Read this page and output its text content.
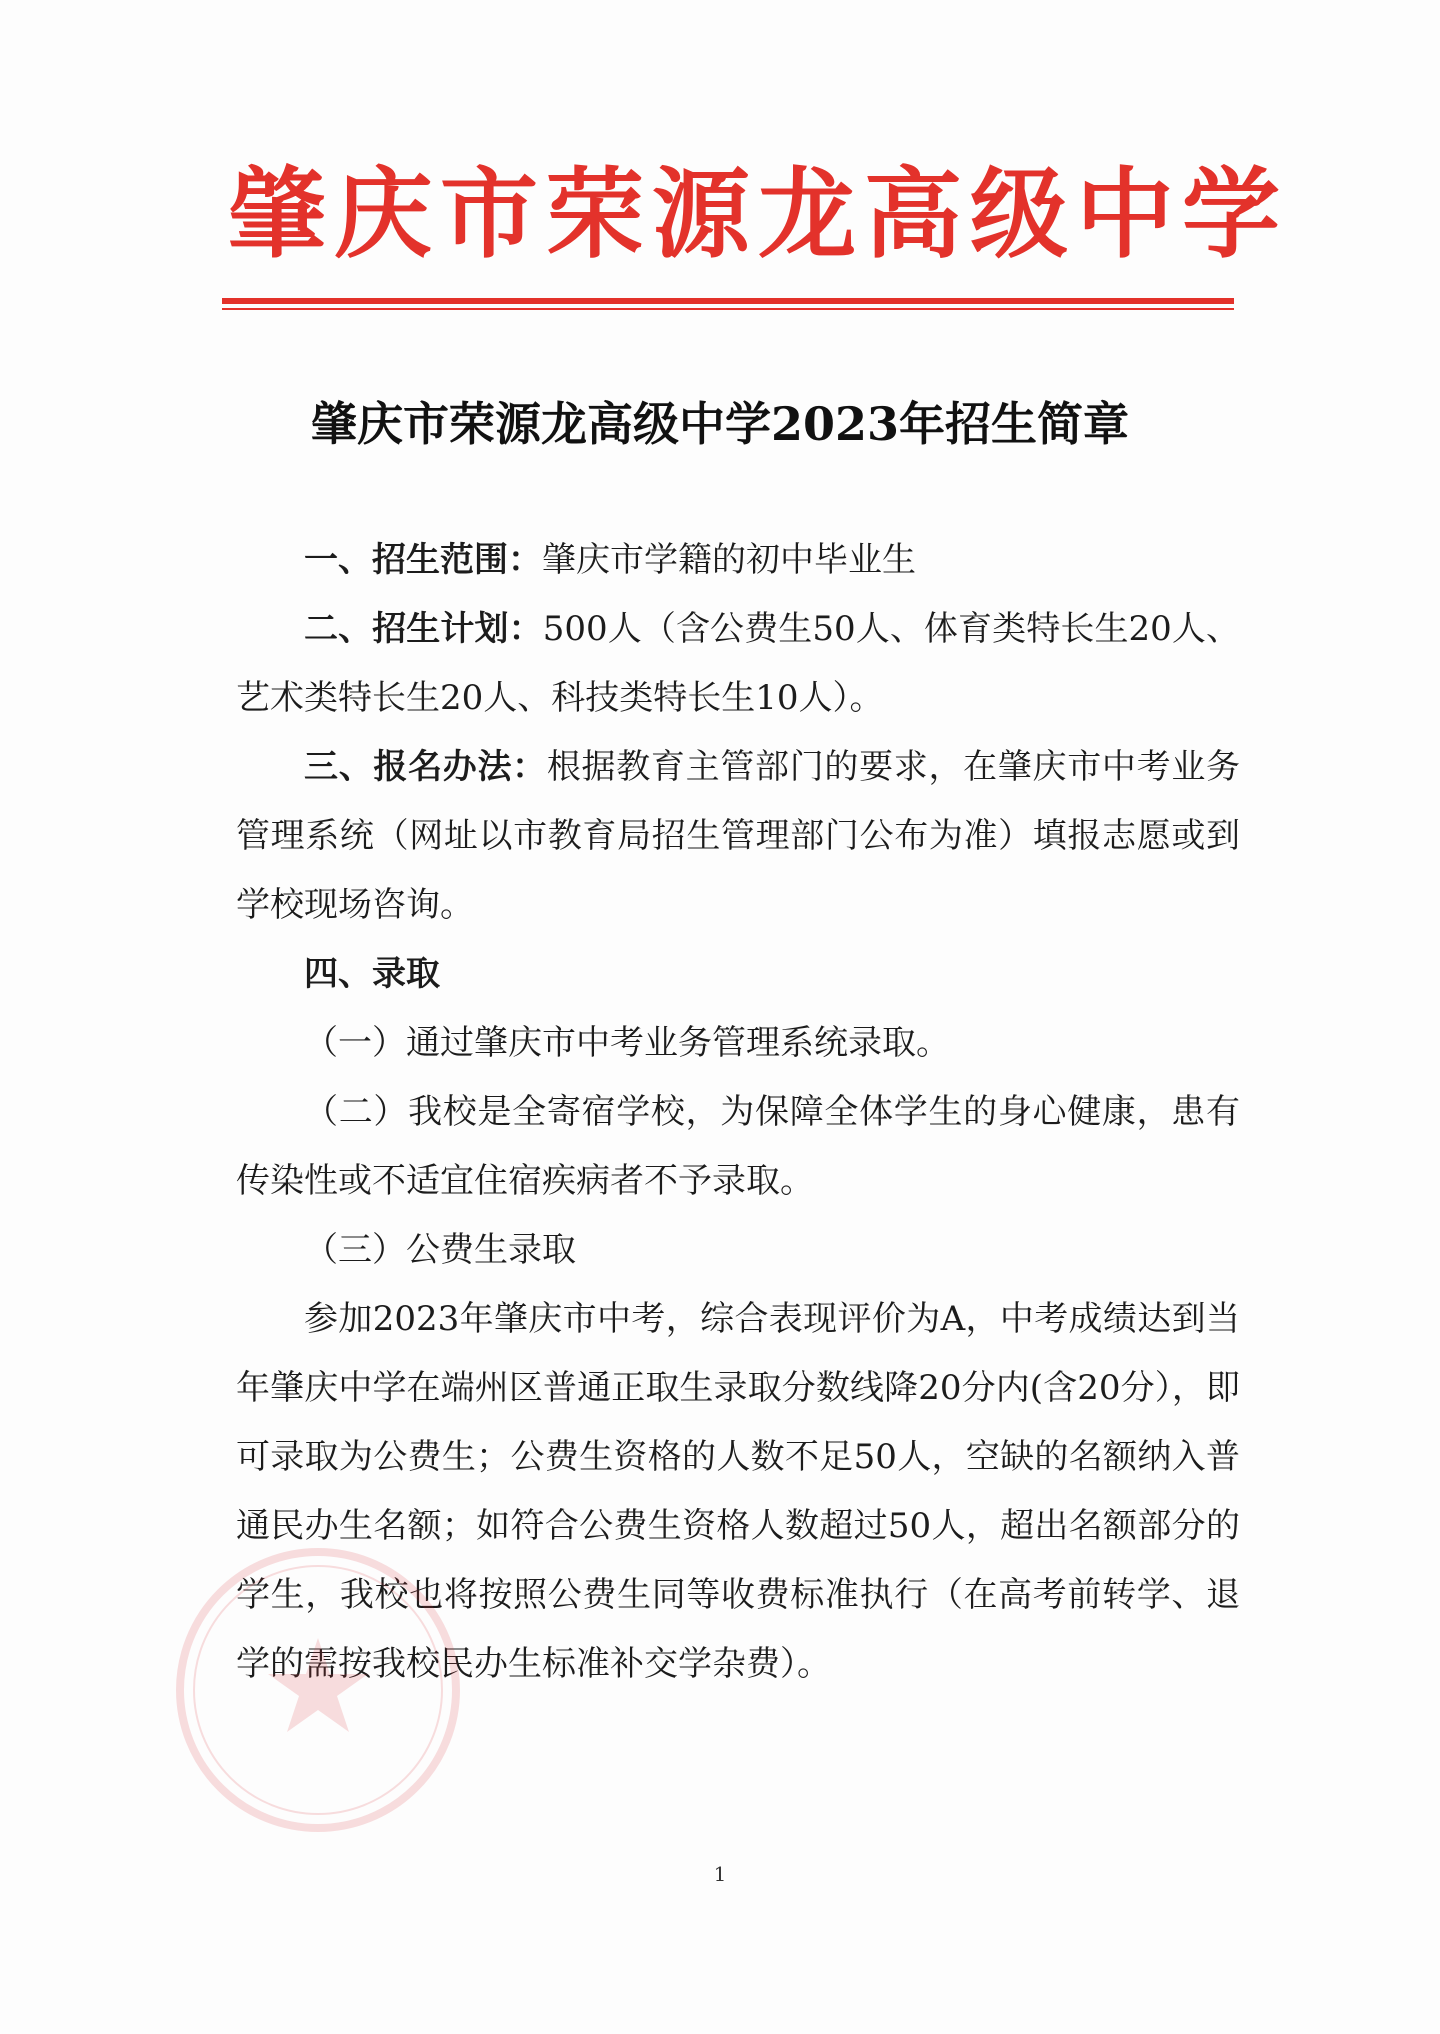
肇庆市荣源龙高级中学
肇庆市荣源龙高级中学2023年招生简章

一、招生范围：肇庆市学籍的初中毕业生

二、招生计划：500人（含公费生50人、体育类特长生20人、艺术类特长生20人、科技类特长生10人）。

三、报名办法：根据教育主管部门的要求，在肇庆市中考业务管理系统（网址以市教育局招生管理部门公布为准）填报志愿或到学校现场咨询。

四、录取

（一）通过肇庆市中考业务管理系统录取。

（二）我校是全寄宿学校，为保障全体学生的身心健康，患有传染性或不适宜住宿疾病者不予录取。

（三）公费生录取

参加2023年肇庆市中考，综合表现评价为A，中考成绩达到当年肇庆中学在端州区普通正取生录取分数线降20分内(含20分），即可录取为公费生；公费生资格的人数不足50人，空缺的名额纳入普通民办生名额；如符合公费生资格人数超过50人，超出名额部分的学生，我校也将按照公费生同等收费标准执行（在高考前转学、退学的需按我校民办生标准补交学杂费）。

1
